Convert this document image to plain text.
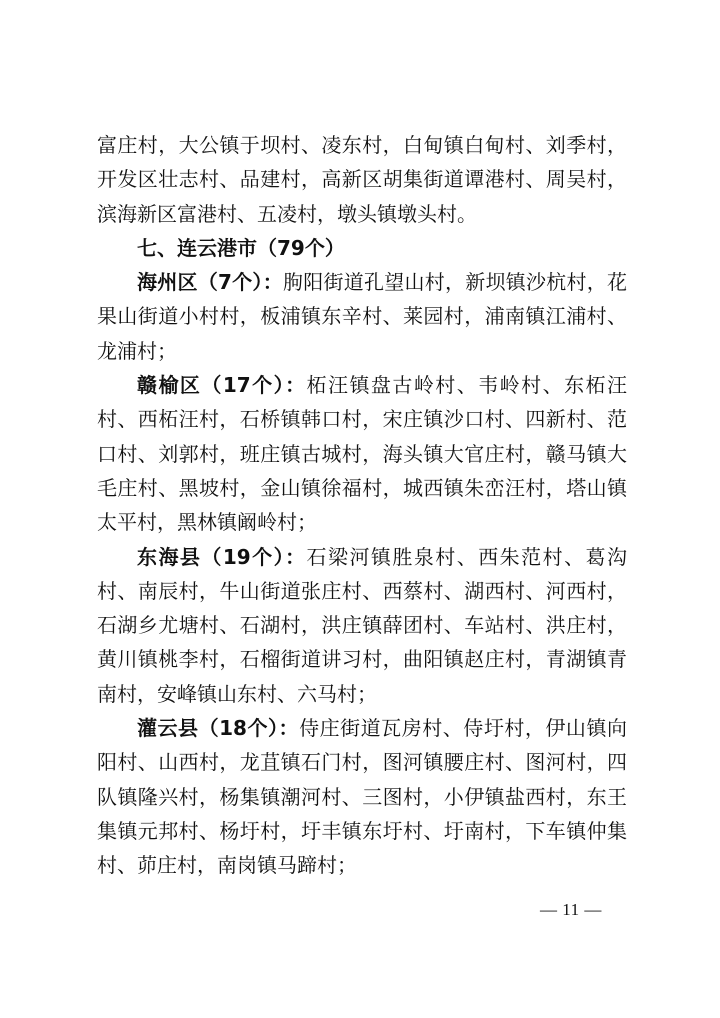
富庄村，大公镇于坝村、凌东村，白甸镇白甸村、刘季村，开发区壮志村、品建村，高新区胡集街道谭港村、周吴村，滨海新区富港村、五凌村，墩头镇墩头村。

七、连云港市（79个）

海州区（7个）：朐阳街道孔望山村，新坝镇沙杭村，花果山街道小村村，板浦镇东辛村、莱园村，浦南镇江浦村、龙浦村；

赣榆区（17个）：柘汪镇盘古岭村、韦岭村、东柘汪村、西柘汪村，石桥镇韩口村，宋庄镇沙口村、四新村、范口村、刘郭村，班庄镇古城村，海头镇大官庄村，赣马镇大毛庄村、黑坡村，金山镇徐福村，城西镇朱峦汪村，塔山镇太平村，黑林镇阚岭村；

东海县（19个）：石梁河镇胜泉村、西朱范村、葛沟村、南辰村，牛山街道张庄村、西蔡村、湖西村、河西村，石湖乡尤塘村、石湖村，洪庄镇薛团村、车站村、洪庄村，黄川镇桃李村，石榴街道讲习村，曲阳镇赵庄村，青湖镇青南村，安峰镇山东村、六马村；

灌云县（18个）：侍庄街道瓦房村、侍圩村，伊山镇向阳村、山西村，龙苴镇石门村，图河镇腰庄村、图河村，四队镇隆兴村，杨集镇潮河村、三图村，小伊镇盐西村，东王集镇元邦村、杨圩村，圩丰镇东圩村、圩南村，下车镇仲集村、茆庄村，南岗镇马蹄村；

— 11 —
